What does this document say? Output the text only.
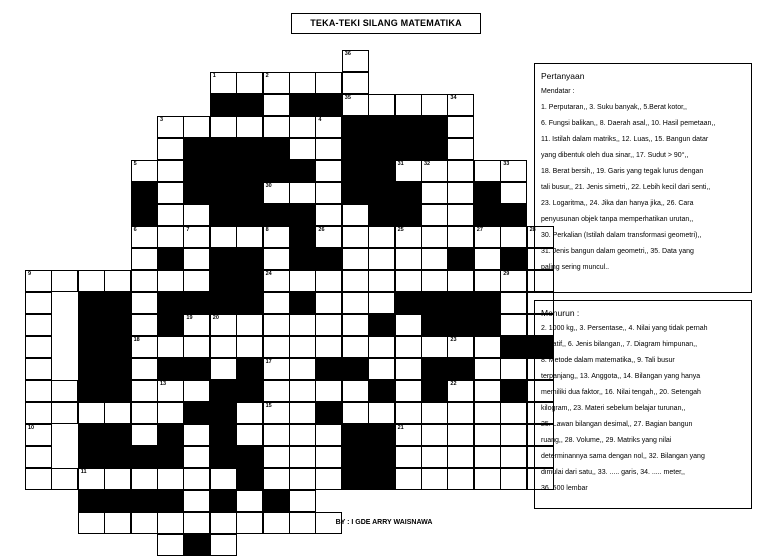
TEKA-TEKI SILANG MATEMATIKA
36
1	2
35	34
3	4
5	31	32	33
30
6	7	8	26	25	27	28
9	24	29
19	20
18	23
17
13	22
15
10	21
11
Pertanyaan
Mendatar :
1. Perputaran,, 3. Suku banyak,, 5.Berat kotor,,
6. Fungsi balikan,, 8. Daerah asal,, 10. Hasil pemetaan,,
11. Istilah dalam matriks,, 12. Luas,, 15. Bangun datar
yang dibentuk oleh dua sinar,, 17. Sudut > 90°,,
18. Berat bersih,, 19. Garis yang tegak lurus dengan
tali busur,, 21. Jenis simetri,, 22. Lebih kecil dari senti,,
23. Logaritma,, 24. Jika dan hanya jika,, 26. Cara
penyusunan objek tanpa memperhatikan urutan,,
30. Perkalian (Istilah dalam transformasi geometri),,
31. Jenis bangun dalam geometri,, 35. Data yang
paling sering muncul..
Menurun :
2. 1000 kg,, 3. Persentase,, 4. Nilai yang tidak pernah
negatif,, 6. Jenis bilangan,, 7. Diagram himpunan,,
8. Metode dalam matematika,, 9. Tali busur
terpanjang,, 13. Anggota,, 14. Bilangan yang hanya
memiliki dua faktor,, 16. Nilai tengah,, 20. Setengah
kilogram,, 23. Materi sebelum belajar turunan,,
25. Lawan bilangan desimal,, 27. Bagian bangun
ruang,, 28. Volume,, 29. Matriks yang nilai
determinannya sama dengan nol,, 32. Bilangan yang
dimulai dari satu,, 33. ..... garis, 34. ..... meter,,
36. 500 lembar
BY : I GDE ARRY WAISNAWA
